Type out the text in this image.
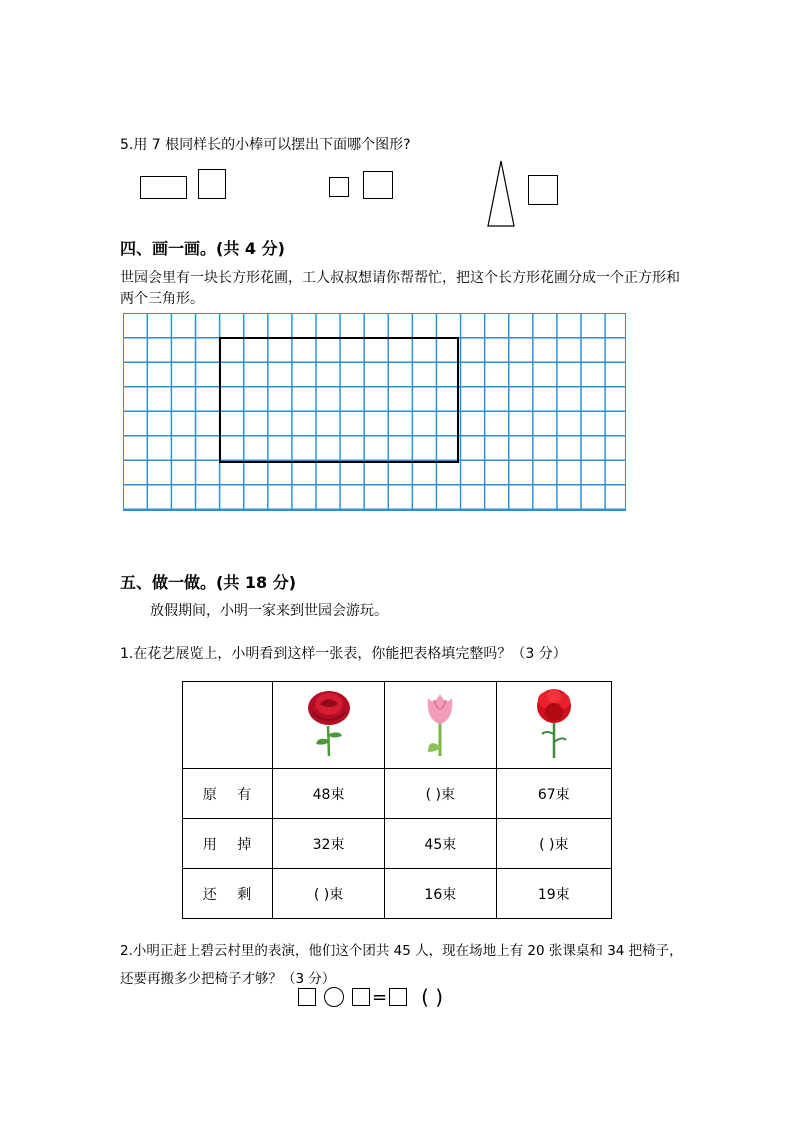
5.用 7 根同样长的小棒可以摆出下面哪个图形?
四、画一画。(共 4 分)
世园会里有一块长方形花圃，工人叔叔想请你帮帮忙，把这个长方形花圃分成一个正方形和两个三角形。
五、做一做。(共 18 分)
放假期间，小明一家来到世园会游玩。
1.在花艺展览上，小明看到这样一张表，你能把表格填完整吗？（3 分）

原 有	48束	( )束	67束
用 掉	32束	45束	( )束
还 剩	( )束	16束	19束
2.小明正赶上碧云村里的表演，他们这个团共 45 人，现在场地上有 20 张课桌和 34 把椅子，还要再搬多少把椅子才够？（3 分）
= ( )
